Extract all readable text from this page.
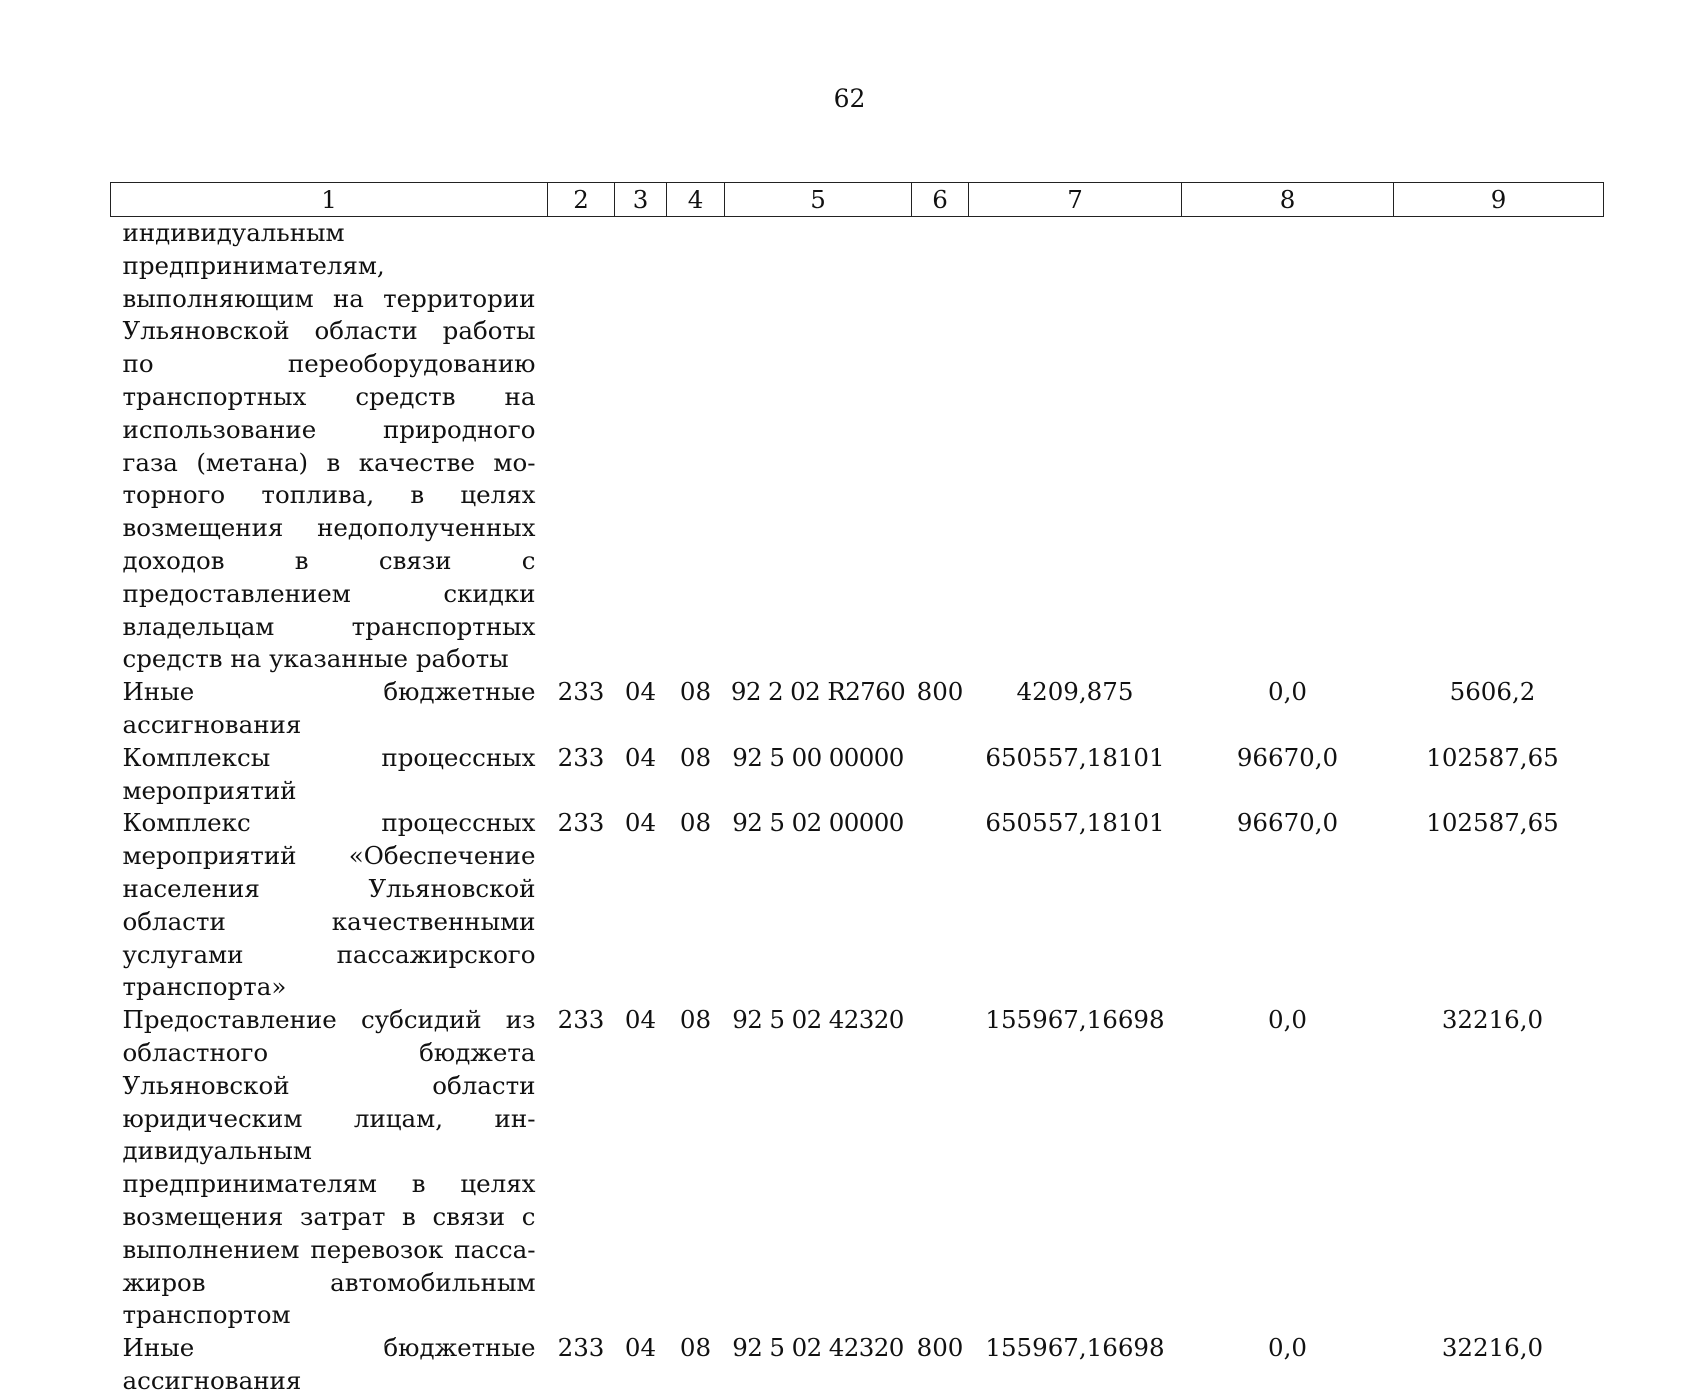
62
1	2	3	4	5	6	7	8	9
индивидуальным предпринимателям, выполняющим на территории Ульяновской области работы по переоборудованию транспортных средств на использование природного газа (метана) в качестве моторного топлива, в целях возмещения недополученных доходов в связи с предоставлением скидки владельцам транспортных средств на указанные работы								
Иные бюджетные ассигнования	233	04	08	92 2 02 R2760	800	4209,875	0,0	5606,2
Комплексы процессных мероприятий	233	04	08	92 5 00 00000		650557,18101	96670,0	102587,65
Комплекс процессных мероприятий «Обеспечение населения Ульяновской области качественными услугами пассажирского транспорта»	233	04	08	92 5 02 00000		650557,18101	96670,0	102587,65
Предоставление субсидий из областного бюджета Ульяновской области юридическим лицам, индивидуальным предпринимателям в целях возмещения затрат в связи с выполнением перевозок пассажиров автомобильным транспортом	233	04	08	92 5 02 42320		155967,16698	0,0	32216,0
Иные бюджетные ассигнования	233	04	08	92 5 02 42320	800	155967,16698	0,0	32216,0
